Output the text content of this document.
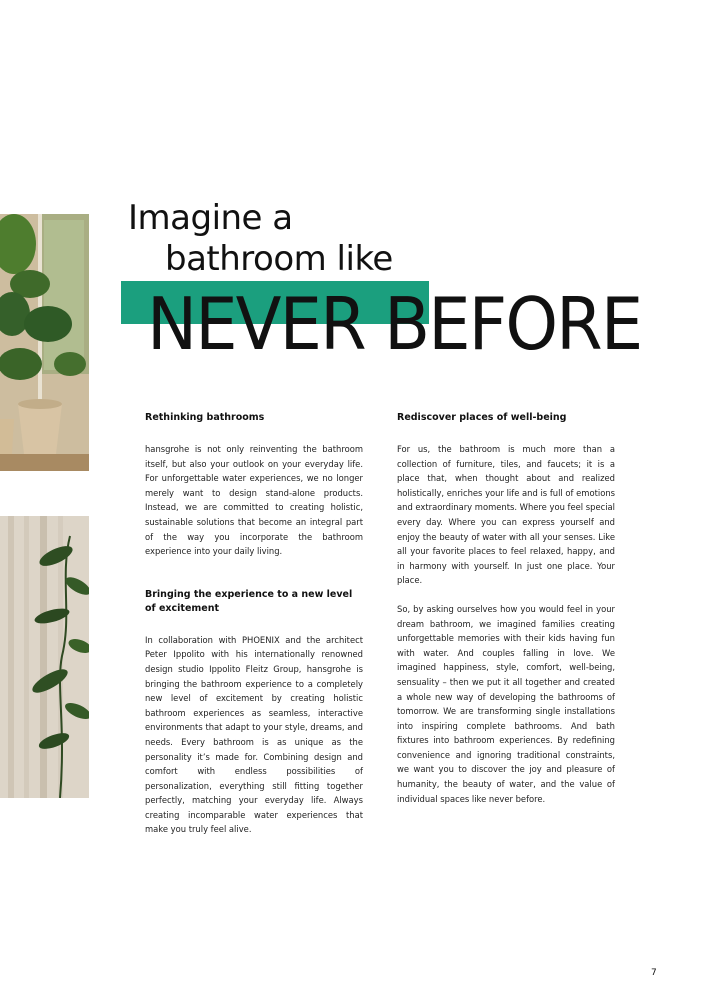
Imagine a
bathroom like
NEVER BEFORE
Rethinking bathrooms

hansgrohe is not only reinventing the bathroom itself, but also your outlook on your everyday life. For unforgettable water experiences, we no longer merely want to design stand-alone products. Instead, we are committed to creating holistic, sustainable solutions that become an integral part of the way you incorporate the bathroom experience into your daily living.

Bringing the experience to a new level of excitement

In collaboration with PHOENIX and the architect Peter Ippolito with his internationally renowned design studio Ippolito Fleitz Group, hansgrohe is bringing the bathroom experience to a completely new level of excitement by creating holistic bathroom experiences as seamless, interactive environments that adapt to your style, dreams, and needs. Every bathroom is as unique as the personality it’s made for. Combining design and comfort with endless possibilities of personalization, everything still fitting together perfectly, matching your everyday life. Always creating incomparable water experiences that make you truly feel alive.

Rediscover places of well-being

For us, the bathroom is much more than a collection of furniture, tiles, and faucets; it is a place that, when thought about and realized holistically, enriches your life and is full of emotions and extraordinary moments. Where you feel special every day. Where you can express yourself and enjoy the beauty of water with all your senses. Like all your favorite places to feel relaxed, happy, and in harmony with yourself. In just one place. Your place.

So, by asking ourselves how you would feel in your dream bathroom, we imagined families creating unforgettable memories with their kids having fun with water. And couples falling in love. We imagined happiness, style, comfort, well-being, sensuality – then we put it all together and created a whole new way of developing the bathrooms of tomorrow. We are transforming single installations into inspiring complete bathrooms. And bath fixtures into bathroom experiences. By redefining convenience and ignoring traditional constraints, we want you to discover the joy and pleasure of humanity, the beauty of water, and the value of individual spaces like never before.

7
